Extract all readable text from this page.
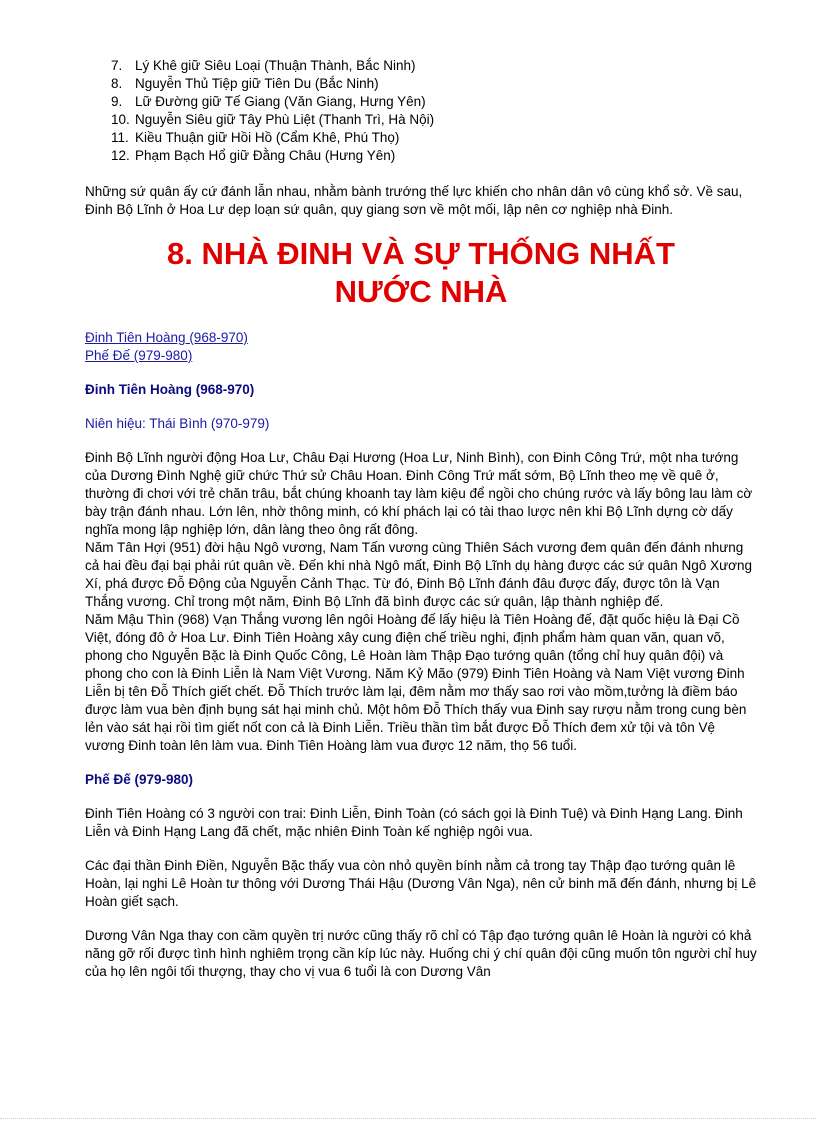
7. Lý Khê giữ Siêu Loại (Thuận Thành, Bắc Ninh)
8. Nguyễn Thủ Tiệp giữ Tiên Du (Bắc Ninh)
9. Lữ Đường giữ Tế Giang (Văn Giang, Hưng Yên)
10. Nguyễn Siêu giữ Tây Phù Liệt (Thanh Trì, Hà Nội)
11. Kiều Thuận giữ Hồi Hồ (Cẩm Khê, Phú Thọ)
12. Phạm Bạch Hổ giữ Đằng Châu (Hưng Yên)

Những sứ quân ấy cứ đánh lẫn nhau, nhằm bành trướng thế lực khiến cho nhân dân vô cùng khổ sở. Về sau, Đinh Bộ Lĩnh ở Hoa Lư dẹp loạn sứ quân, quy giang sơn về một mối, lập nên cơ nghiệp nhà Đinh.

8. NHÀ ĐINH VÀ SỰ THỐNG NHẤT
NƯỚC NHÀ
Đinh Tiên Hoàng (968-970)
Phế Đế (979-980)
Đinh Tiên Hoàng (968-970)
Niên hiệu: Thái Bình (970-979)

Đinh Bộ Lĩnh người động Hoa Lư, Châu Đại Hương (Hoa Lư, Ninh Bình), con Đinh Công Trứ, một nha tướng của Dương Đình Nghệ giữ chức Thứ sử Châu Hoan. Đinh Công Trứ mất sớm, Bộ Lĩnh theo mẹ về quê ở, thường đi chơi với trẻ chăn trâu, bắt chúng khoanh tay làm kiệu để ngồi cho chúng rước và lấy bông lau làm cờ bày trận đánh nhau. Lớn lên, nhờ thông minh, có khí phách lại có tài thao lược nên khi Bộ Lĩnh dựng cờ dấy nghĩa mong lập nghiệp lớn, dân làng theo ông rất đông.

Năm Tân Hợi (951) đời hậu Ngô vương, Nam Tấn vương cùng Thiên Sách vương đem quân đến đánh nhưng cả hai đều đại bại phải rút quân về. Đến khi nhà Ngô mất, Đinh Bộ Lĩnh dụ hàng được các sứ quân Ngô Xương Xí, phá được Đỗ Động của Nguyễn Cảnh Thạc. Từ đó, Đinh Bộ Lĩnh đánh đâu được đấy, được tôn là Vạn Thắng vương. Chỉ trong một năm, Đinh Bộ Lĩnh đã bình được các sứ quân, lập thành nghiệp đế.

Năm Mậu Thìn (968) Vạn Thắng vương lên ngôi Hoàng đế lấy hiệu là Tiên Hoàng đế, đặt quốc hiệu là Đại Cồ Việt, đóng đô ở Hoa Lư. Đinh Tiên Hoàng xây cung điện chế triều nghi, định phẩm hàm quan văn, quan võ, phong cho Nguyễn Bặc là Đinh Quốc Công, Lê Hoàn làm Thập Đạo tướng quân (tổng chỉ huy quân đội) và phong cho con là Đinh Liễn là Nam Việt Vương. Năm Kỷ Mão (979) Đinh Tiên Hoàng và Nam Việt vương Đinh Liễn bị tên Đỗ Thích giết chết. Đỗ Thích trước làm lại, đêm nằm mơ thấy sao rơi vào mồm,tưởng là điềm báo được làm vua bèn định bụng sát hại minh chủ. Một hôm Đỗ Thích thấy vua Đinh say rượu nằm trong cung bèn lẻn vào sát hại rồi tìm giết nốt con cả là Đinh Liễn. Triều thần tìm bắt được Đỗ Thích đem xử tội và tôn Vệ vương Đinh toàn lên làm vua. Đinh Tiên Hoàng làm vua được 12 năm, thọ 56 tuổi.

Phế Đế (979-980)

Đinh Tiên Hoàng có 3 người con trai: Đinh Liễn, Đinh Toàn (có sách gọi là Đinh Tuệ) và Đinh Hạng Lang. Đinh Liễn và Đinh Hạng Lang đã chết, mặc nhiên Đinh Toàn kế nghiệp ngôi vua.

Các đại thần Đinh Điền, Nguyễn Bặc thấy vua còn nhỏ quyền bính nằm cả trong tay Thập đạo tướng quân lê Hoàn, lại nghi Lê Hoàn tư thông với Dương Thái Hậu (Dương Vân Nga), nên cử binh mã đến đánh, nhưng bị Lê Hoàn giết sạch.

Dương Vân Nga thay con cầm quyền trị nước cũng thấy rõ chỉ có Tập đạo tướng quân lê Hoàn là người có khả năng gỡ rối được tình hình nghiêm trọng cần kíp lúc này. Huống chi ý chí quân đội cũng muốn tôn người chỉ huy của họ lên ngôi tối thượng, thay cho vị vua 6 tuổi là con Dương Vân
